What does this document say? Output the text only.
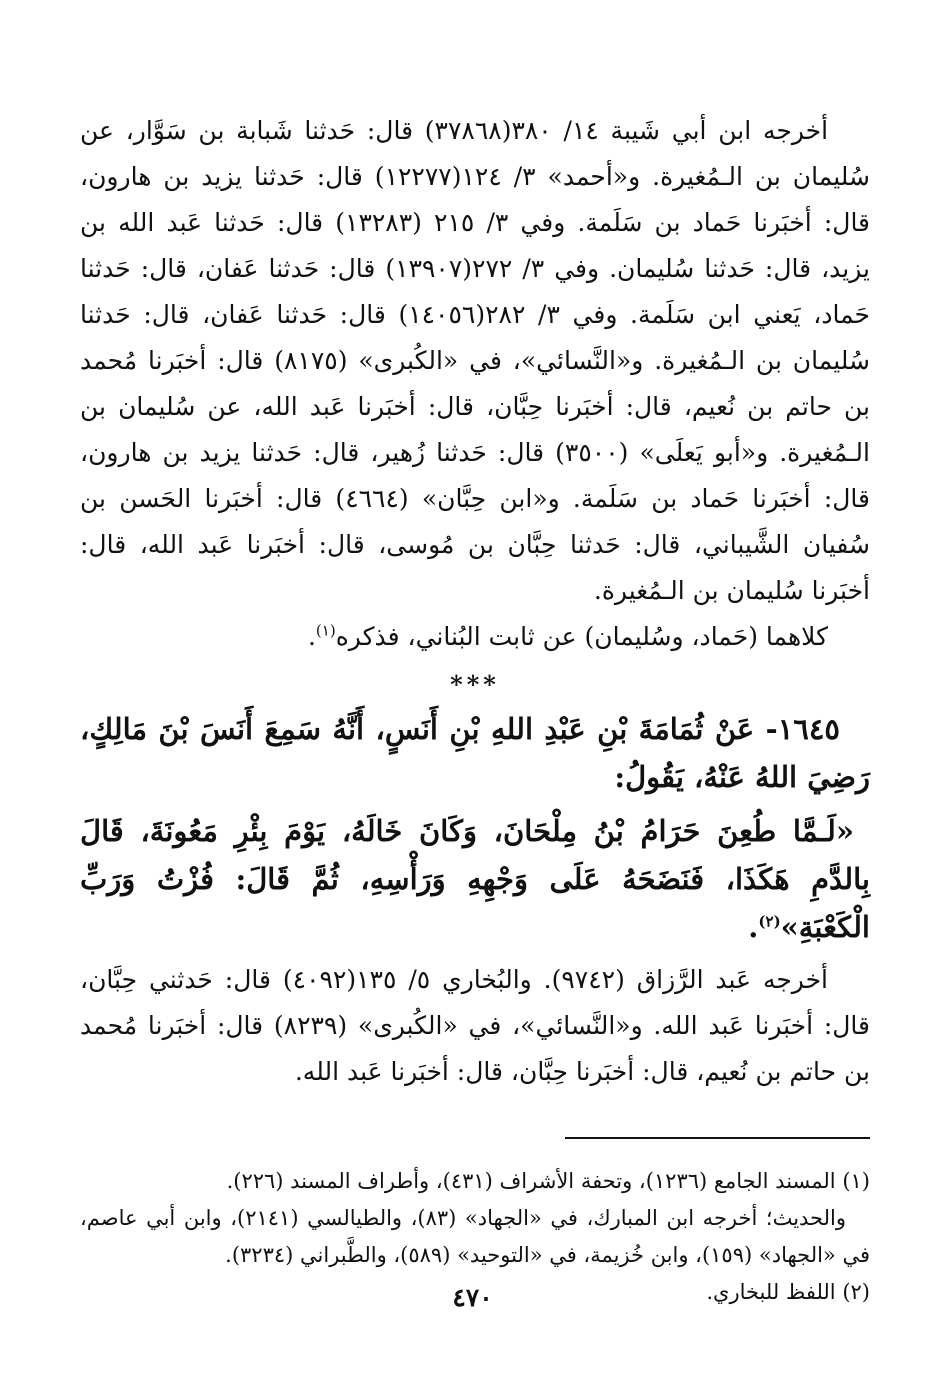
أخرجه ابن أبي شَيبة ١٤/ ٣٨٠(٣٧٨٦٨) قال: حَدثنا شَبابة بن سَوَّار، عن سُليمان بن الـمُغيرة. و«أحمد» ٣/ ١٢٤(١٢٢٧٧) قال: حَدثنا يزيد بن هارون، قال: أخبَرنا حَماد بن سَلَمة. وفي ٣/ ٢١٥ (١٣٢٨٣) قال: حَدثنا عَبد الله بن يزيد، قال: حَدثنا سُليمان. وفي ٣/ ٢٧٢(١٣٩٠٧) قال: حَدثنا عَفان، قال: حَدثنا حَماد، يَعني ابن سَلَمة. وفي ٣/ ٢٨٢(١٤٠٥٦) قال: حَدثنا عَفان، قال: حَدثنا سُليمان بن الـمُغيرة. و«النَّسائي»، في «الكُبرى» (٨١٧٥) قال: أخبَرنا مُحمد بن حاتم بن نُعيم، قال: أخبَرنا حِبَّان، قال: أخبَرنا عَبد الله، عن سُليمان بن الـمُغيرة. و«أبو يَعلَى» (٣٥٠٠) قال: حَدثنا زُهير، قال: حَدثنا يزيد بن هارون، قال: أخبَرنا حَماد بن سَلَمة. و«ابن حِبَّان» (٤٦٦٤) قال: أخبَرنا الحَسن بن سُفيان الشَّيباني، قال: حَدثنا حِبَّان بن مُوسى، قال: أخبَرنا عَبد الله، قال: أخبَرنا سُليمان بن الـمُغيرة.

كلاهما (حَماد، وسُليمان) عن ثابت البُناني، فذكره$^{(١)}$.

***

١٦٤٥- عَنْ ثُمَامَةَ بْنِ عَبْدِ اللهِ بْنِ أَنَسٍ، أَنَّهُ سَمِعَ أَنَسَ بْنَ مَالِكٍ، رَضِيَ اللهُ عَنْهُ، يَقُولُ:

«لَـمَّا طُعِنَ حَرَامُ بْنُ مِلْحَانَ، وَكَانَ خَالَهُ، يَوْمَ بِئْرِ مَعُونَةَ، قَالَ بِالدَّمِ هَكَذَا، فَنَضَحَهُ عَلَى وَجْهِهِ وَرَأْسِهِ، ثُمَّ قَالَ: فُزْتُ وَرَبِّ الْكَعْبَةِ»$^{(٢)}$.

أخرجه عَبد الرَّزاق (٩٧٤٢). والبُخاري ٥/ ١٣٥(٤٠٩٢) قال: حَدثني حِبَّان، قال: أخبَرنا عَبد الله. و«النَّسائي»، في «الكُبرى» (٨٢٣٩) قال: أخبَرنا مُحمد بن حاتم بن نُعيم، قال: أخبَرنا حِبَّان، قال: أخبَرنا عَبد الله.

(١) المسند الجامع (١٢٣٦)، وتحفة الأشراف (٤٣١)، وأطراف المسند (٢٢٦).

والحديث؛ أخرجه ابن المبارك، في «الجهاد» (٨٣)، والطيالسي (٢١٤١)، وابن أبي عاصم، في «الجهاد» (١٥٩)، وابن خُزيمة، في «التوحيد» (٥٨٩)، والطَّبراني (٣٢٣٤).

(٢) اللفظ للبخاري.

٤٧٠
